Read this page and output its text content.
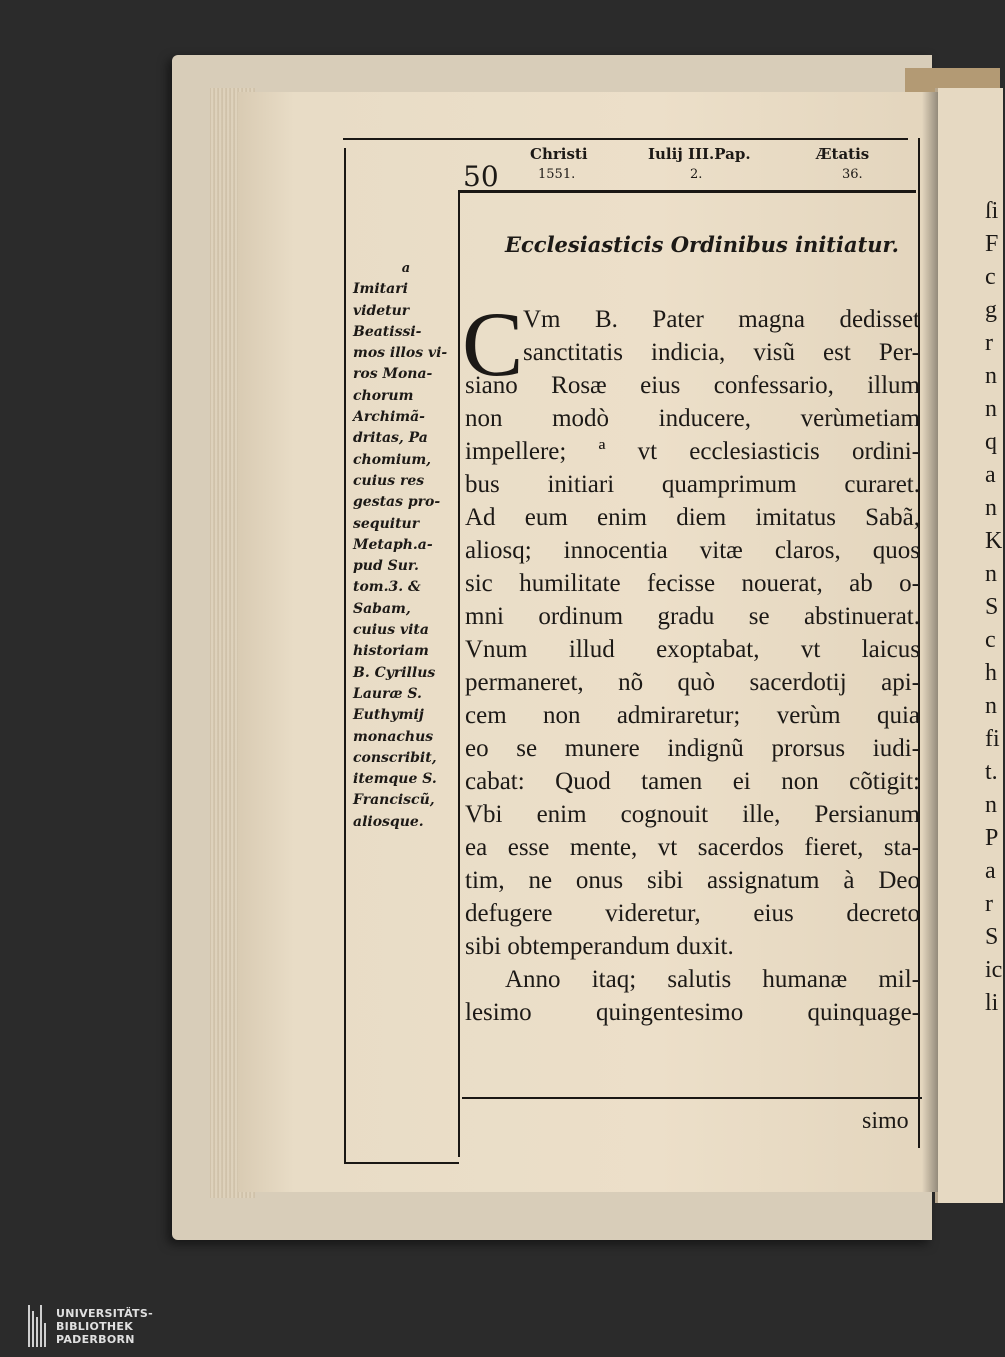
50
Christi
1551.
Iulij III.Pap.
2.
Ætatis
36.
Ecclesiasticis Ordinibus initiatur.
a
Imitari
videtur
Beatissi-
mos illos vi-
ros Mona-
chorum
Archimã-
dritas, Pa
chomium,
cuius res
gestas pro-
sequitur
Metaph.a-
pud Sur.
tom.3. &
Sabam,
cuius vita
historiam
B. Cyrillus
Lauræ S.
Euthymij
monachus
conscribit,
itemque S.
Franciscũ,
aliosque.
C Vm B. Pater magna dedisset
sanctitatis indicia, visũ est Per-
siano Rosæ eius confessario, illum
non modò inducere, verùmetiam
impellere; ª vt ecclesiasticis ordini-
bus initiari quamprimum curaret.
Ad eum enim diem imitatus Sabã,
aliosq; innocentia vitæ claros, quos
sic humilitate fecisse nouerat, ab o-
mni ordinum gradu se abstinuerat.
Vnum illud exoptabat, vt laicus
permaneret, nõ quò sacerdotij api-
cem non admiraretur; verùm quia
eo se munere indignũ prorsus iudi-
cabat: Quod tamen ei non cõtigit:
Vbi enim cognouit ille, Persianum
ea esse mente, vt sacerdos fieret, sta-
tim, ne onus sibi assignatum à Deo
defugere videretur, eius decreto
sibi obtemperandum duxit.
Anno itaq; salutis humanæ mil-
lesimo quingentesimo quinquage-
simo
ſi
F
c
g
r
n
n
q
a
n
K
n
S
c
h
n
fi
t.
n
P
a
r
S
ic
li
UNIVERSITÄTS-
BIBLIOTHEK
PADERBORN
